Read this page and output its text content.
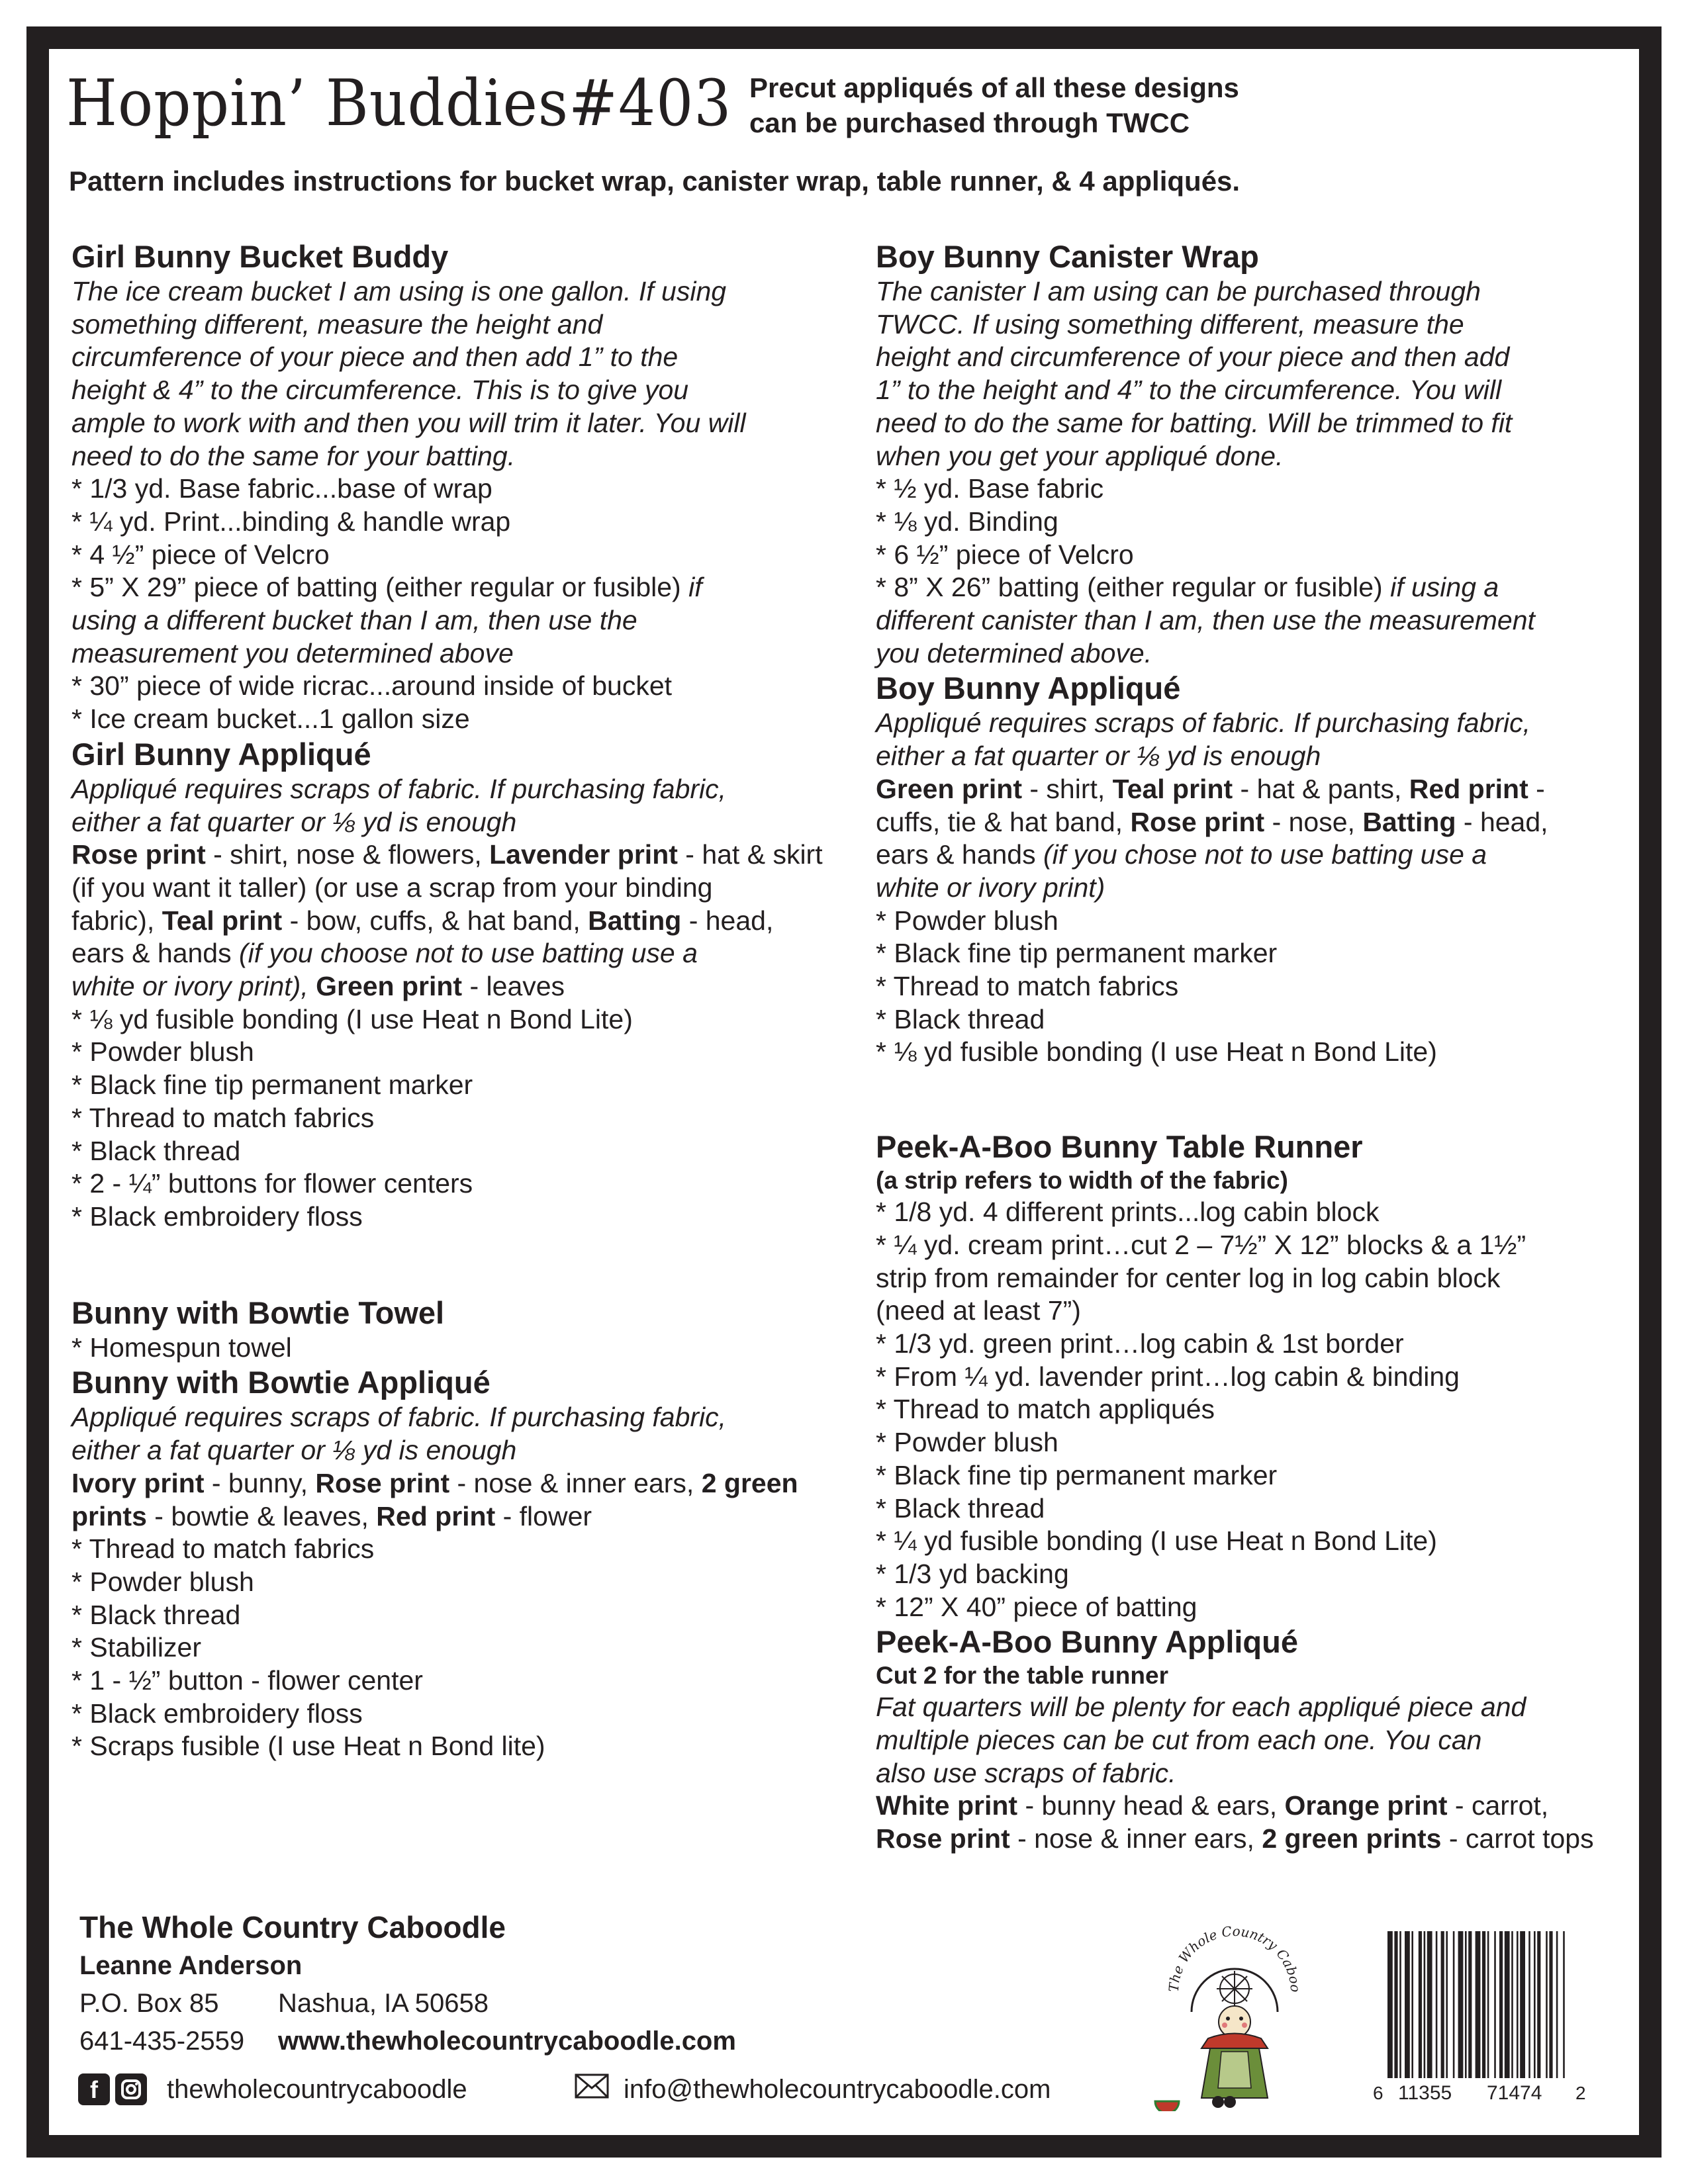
Hoppin’ Buddies#403 Precut appliqués of all these designs
can be purchased through TWCC
Pattern includes instructions for bucket wrap, canister wrap, table runner, & 4 appliqués.
Girl Bunny Bucket Buddy
The ice cream bucket I am using is one gallon. If using
something different, measure the height and
circumference of your piece and then add 1” to the
height & 4” to the circumference. This is to give you
ample to work with and then you will trim it later. You will
need to do the same for your batting.
* 1/3 yd. Base fabric...base of wrap
* ¼ yd. Print...binding & handle wrap
* 4 ½” piece of Velcro
* 5” X 29” piece of batting (either regular or fusible) if
using a different bucket than I am, then use the
measurement you determined above
* 30” piece of wide ricrac...around inside of bucket
* Ice cream bucket...1 gallon size
Girl Bunny Appliqué
Appliqué requires scraps of fabric. If purchasing fabric,
either a fat quarter or ⅛ yd is enough
Rose print - shirt, nose & flowers, Lavender print - hat & skirt
(if you want it taller) (or use a scrap from your binding
fabric), Teal print - bow, cuffs, & hat band, Batting - head,
ears & hands (if you choose not to use batting use a
white or ivory print), Green print - leaves
* ⅛ yd fusible bonding (I use Heat n Bond Lite)
* Powder blush
* Black fine tip permanent marker
* Thread to match fabrics
* Black thread
* 2 - ¼” buttons for flower centers
* Black embroidery floss
Bunny with Bowtie Towel
* Homespun towel
Bunny with Bowtie Appliqué
Appliqué requires scraps of fabric. If purchasing fabric,
either a fat quarter or ⅛ yd is enough
Ivory print - bunny, Rose print - nose & inner ears, 2 green
prints - bowtie & leaves, Red print - flower
* Thread to match fabrics
* Powder blush
* Black thread
* Stabilizer
* 1 - ½” button - flower center
* Black embroidery floss
* Scraps fusible (I use Heat n Bond lite)
Boy Bunny Canister Wrap
The canister I am using can be purchased through
TWCC. If using something different, measure the
height and circumference of your piece and then add
1” to the height and 4” to the circumference. You will
need to do the same for batting. Will be trimmed to fit
when you get your appliqué done.
* ½ yd. Base fabric
* ⅛ yd. Binding
* 6 ½” piece of Velcro
* 8” X 26” batting (either regular or fusible) if using a
different canister than I am, then use the measurement
you determined above.
Boy Bunny Appliqué
Appliqué requires scraps of fabric. If purchasing fabric,
either a fat quarter or ⅛ yd is enough
Green print - shirt, Teal print - hat & pants, Red print -
cuffs, tie & hat band, Rose print - nose, Batting - head,
ears & hands (if you chose not to use batting use a
white or ivory print)
* Powder blush
* Black fine tip permanent marker
* Thread to match fabrics
* Black thread
* ⅛ yd fusible bonding (I use Heat n Bond Lite)
Peek-A-Boo Bunny Table Runner
(a strip refers to width of the fabric)
* 1/8 yd. 4 different prints...log cabin block
* ¼ yd. cream print…cut 2 – 7½” X 12” blocks & a 1½”
strip from remainder for center log in log cabin block
(need at least 7”)
* 1/3 yd. green print…log cabin & 1st border
* From ¼ yd. lavender print…log cabin & binding
* Thread to match appliqués
* Powder blush
* Black fine tip permanent marker
* Black thread
* ¼ yd fusible bonding (I use Heat n Bond Lite)
* 1/3 yd backing
* 12” X 40” piece of batting
Peek-A-Boo Bunny Appliqué
Cut 2 for the table runner
Fat quarters will be plenty for each appliqué piece and
multiple pieces can be cut from each one. You can
also use scraps of fabric.
White print - bunny head & ears, Orange print - carrot,
Rose print - nose & inner ears, 2 green prints - carrot tops
The Whole Country Caboodle
Leanne Anderson
P.O. Box 85 Nashua, IA 50658
641-435-2559 www.thewholecountrycaboodle.com
f	thewholecountrycaboodle	info@thewholecountrycaboodle.com
The Whole Country Caboo
6 11355 71474 2
